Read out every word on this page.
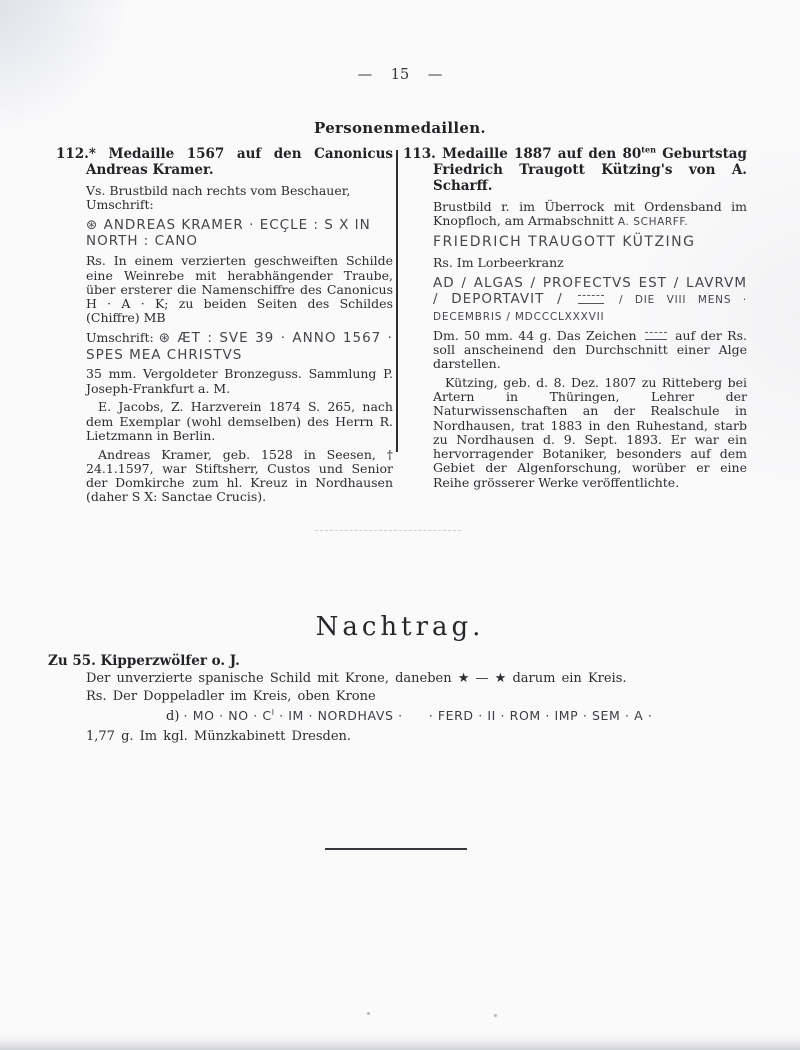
— 15 —
Personenmedaillen.

112.* Medaille 1567 auf den Canonicus Andreas Kramer.

Vs. Brustbild nach rechts vom Beschauer, Umschrift:

⊛ ANDREAS KRAMER · ECÇLE : S X IN NORTH : CANO

Rs. In einem verzierten geschweiften Schilde eine Weinrebe mit herabhängender Traube, über ersterer die Namenschiffre des Canonicus H · A · K; zu beiden Seiten des Schildes (Chiffre) MB

Umschrift: ⊛ ÆT : SVE 39 · ANNO 1567 · SPES MEA CHRISTVS

35 mm. Vergoldeter Bronzeguss. Sammlung P. Joseph-Frankfurt a. M.

E. Jacobs, Z. Harzverein 1874 S. 265, nach dem Exemplar (wohl demselben) des Herrn R. Lietzmann in Berlin.

Andreas Kramer, geb. 1528 in Seesen, † 24.1.1597, war Stiftsherr, Custos und Senior der Domkirche zum hl. Kreuz in Nordhausen (daher S X: Sanctae Crucis).

113. Medaille 1887 auf den $80^{ten}$ Geburtstag Friedrich Traugott Kützing's von A. Scharff.

Brustbild r. im Überrock mit Ordensband im Knopfloch, am Armabschnitt A. SCHARFF.

FRIEDRICH TRAUGOTT KÜTZING

Rs. Im Lorbeerkranz

AD / ALGAS / PROFECTVS EST / LAVRVM / DEPORTAVIT /	/ DIE VIII MENS · DECEMBRIS / MDCCCLXXXVII

Dm. 50 mm. 44 g. Das Zeichen  auf der Rs. soll anscheinend den Durchschnitt einer Alge darstellen.

Kützing, geb. d. 8. Dez. 1807 zu Ritteberg bei Artern in Thüringen, Lehrer der Naturwissenschaften an der Realschule in Nordhausen, trat 1883 in den Ruhestand, starb zu Nordhausen d. 9. Sept. 1893. Er war ein hervorragender Botaniker, besonders auf dem Gebiet der Algenforschung, worüber er eine Reihe grösserer Werke veröffentlichte.

Nachtrag.

Zu 55. Kipperzwölfer o. J.

Der unverzierte spanische Schild mit Krone, daneben ★ — ★ darum ein Kreis.

Rs. Der Doppeladler im Kreis, oben Krone

d) · MO · NO · $C^I$ · IM · NORDHAVS · · FERD · II · ROM · IMP · SEM · A ·

1,77 g. Im kgl. Münzkabinett Dresden.
